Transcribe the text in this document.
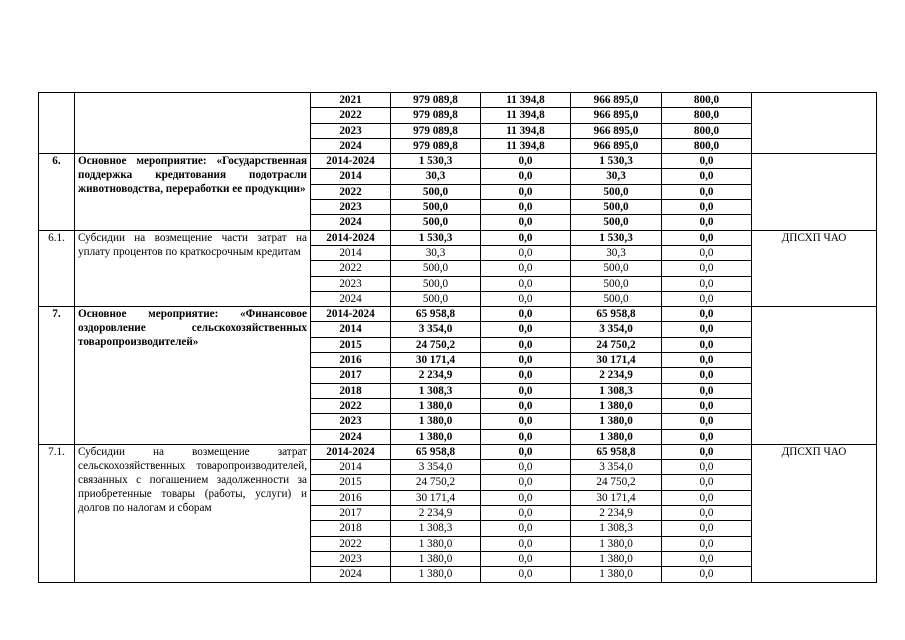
		2021	979 089,8	11 394,8	966 895,0	800,0	
		2022	979 089,8	11 394,8	966 895,0	800,0	
		2023	979 089,8	11 394,8	966 895,0	800,0	
		2024	979 089,8	11 394,8	966 895,0	800,0	
6.	Основное мероприятие: «Государственная поддержка кредитования подотрасли животноводства, переработки ее продукции»	2014-2024	1 530,3	0,0	1 530,3	0,0	
		2014	30,3	0,0	30,3	0,0	
		2022	500,0	0,0	500,0	0,0	
		2023	500,0	0,0	500,0	0,0	
		2024	500,0	0,0	500,0	0,0	
6.1.	Субсидии на возмещение части затрат на уплату процентов по краткосрочным кредитам	2014-2024	1 530,3	0,0	1 530,3	0,0	ДПСХП ЧАО
		2014	30,3	0,0	30,3	0,0	
		2022	500,0	0,0	500,0	0,0	
		2023	500,0	0,0	500,0	0,0	
		2024	500,0	0,0	500,0	0,0	
7.	Основное мероприятие: «Финансовое оздоровление сельскохозяйственных товаропроизводителей»	2014-2024	65 958,8	0,0	65 958,8	0,0	
		2014	3 354,0	0,0	3 354,0	0,0	
		2015	24 750,2	0,0	24 750,2	0,0	
		2016	30 171,4	0,0	30 171,4	0,0	
		2017	2 234,9	0,0	2 234,9	0,0	
		2018	1 308,3	0,0	1 308,3	0,0	
		2022	1 380,0	0,0	1 380,0	0,0	
		2023	1 380,0	0,0	1 380,0	0,0	
		2024	1 380,0	0,0	1 380,0	0,0	
7.1.	Субсидии на возмещение затрат сельскохозяйственных товаропроизводителей, связанных с погашением задолженности за приобретенные товары (работы, услуги) и долгов по налогам и сборам	2014-2024	65 958,8	0,0	65 958,8	0,0	ДПСХП ЧАО
		2014	3 354,0	0,0	3 354,0	0,0	
		2015	24 750,2	0,0	24 750,2	0,0	
		2016	30 171,4	0,0	30 171,4	0,0	
		2017	2 234,9	0,0	2 234,9	0,0	
		2018	1 308,3	0,0	1 308,3	0,0	
		2022	1 380,0	0,0	1 380,0	0,0	
		2023	1 380,0	0,0	1 380,0	0,0	
		2024	1 380,0	0,0	1 380,0	0,0	
